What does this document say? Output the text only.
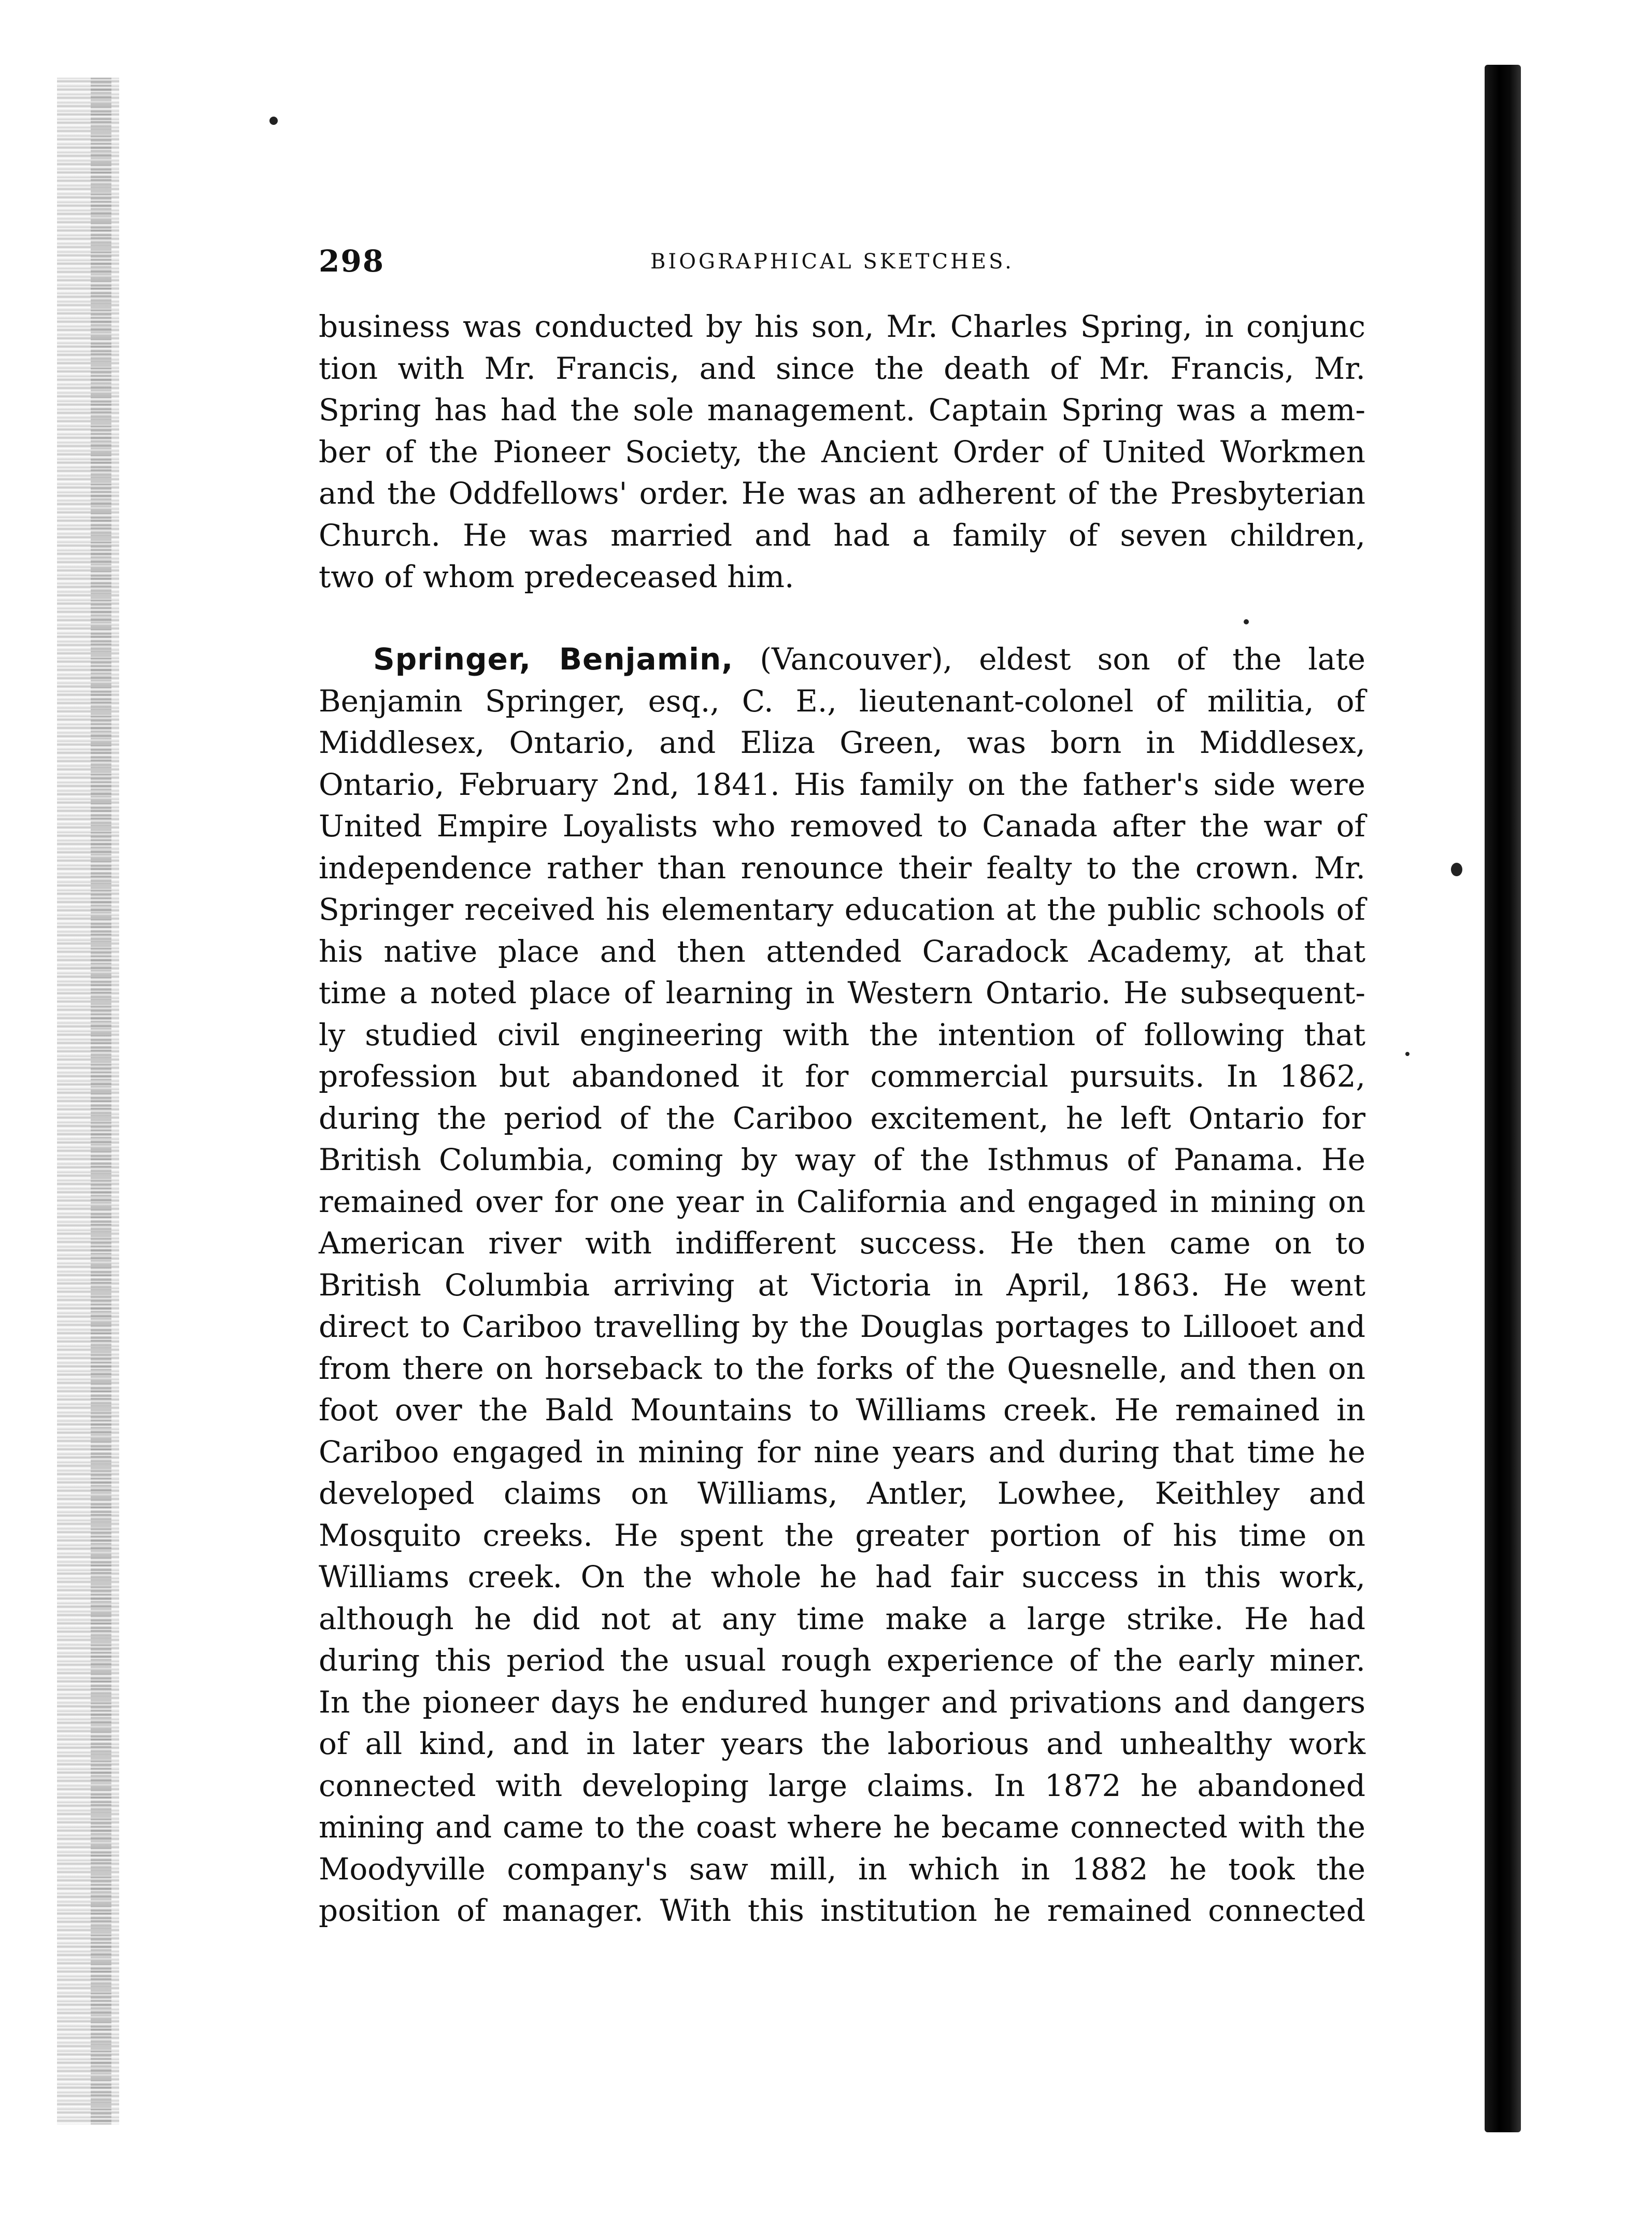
298	BIOGRAPHICAL SKETCHES.
business was conducted by his son, Mr. Charles Spring, in conjunc
tion with Mr. Francis, and since the death of Mr. Francis, Mr.
Spring has had the sole management. Captain Spring was a mem-
ber of the Pioneer Society, the Ancient Order of United Workmen
and the Oddfellows' order. He was an adherent of the Presbyterian
Church. He was married and had a family of seven children,
two of whom predeceased him.
Springer, Benjamin, (Vancouver), eldest son of the late
Benjamin Springer, esq., C. E., lieutenant-colonel of militia, of
Middlesex, Ontario, and Eliza Green, was born in Middlesex,
Ontario, February 2nd, 1841. His family on the father's side were
United Empire Loyalists who removed to Canada after the war of
independence rather than renounce their fealty to the crown. Mr.
Springer received his elementary education at the public schools of
his native place and then attended Caradock Academy, at that
time a noted place of learning in Western Ontario. He subsequent-
ly studied civil engineering with the intention of following that
profession but abandoned it for commercial pursuits. In 1862,
during the period of the Cariboo excitement, he left Ontario for
British Columbia, coming by way of the Isthmus of Panama. He
remained over for one year in California and engaged in mining on
American river with indifferent success. He then came on to
British Columbia arriving at Victoria in April, 1863. He went
direct to Cariboo travelling by the Douglas portages to Lillooet and
from there on horseback to the forks of the Quesnelle, and then on
foot over the Bald Mountains to Williams creek. He remained in
Cariboo engaged in mining for nine years and during that time he
developed claims on Williams, Antler, Lowhee, Keithley and
Mosquito creeks. He spent the greater portion of his time on
Williams creek. On the whole he had fair success in this work,
although he did not at any time make a large strike. He had
during this period the usual rough experience of the early miner.
In the pioneer days he endured hunger and privations and dangers
of all kind, and in later years the laborious and unhealthy work
connected with developing large claims. In 1872 he abandoned
mining and came to the coast where he became connected with the
Moodyville company's saw mill, in which in 1882 he took the
position of manager. With this institution he remained connected
